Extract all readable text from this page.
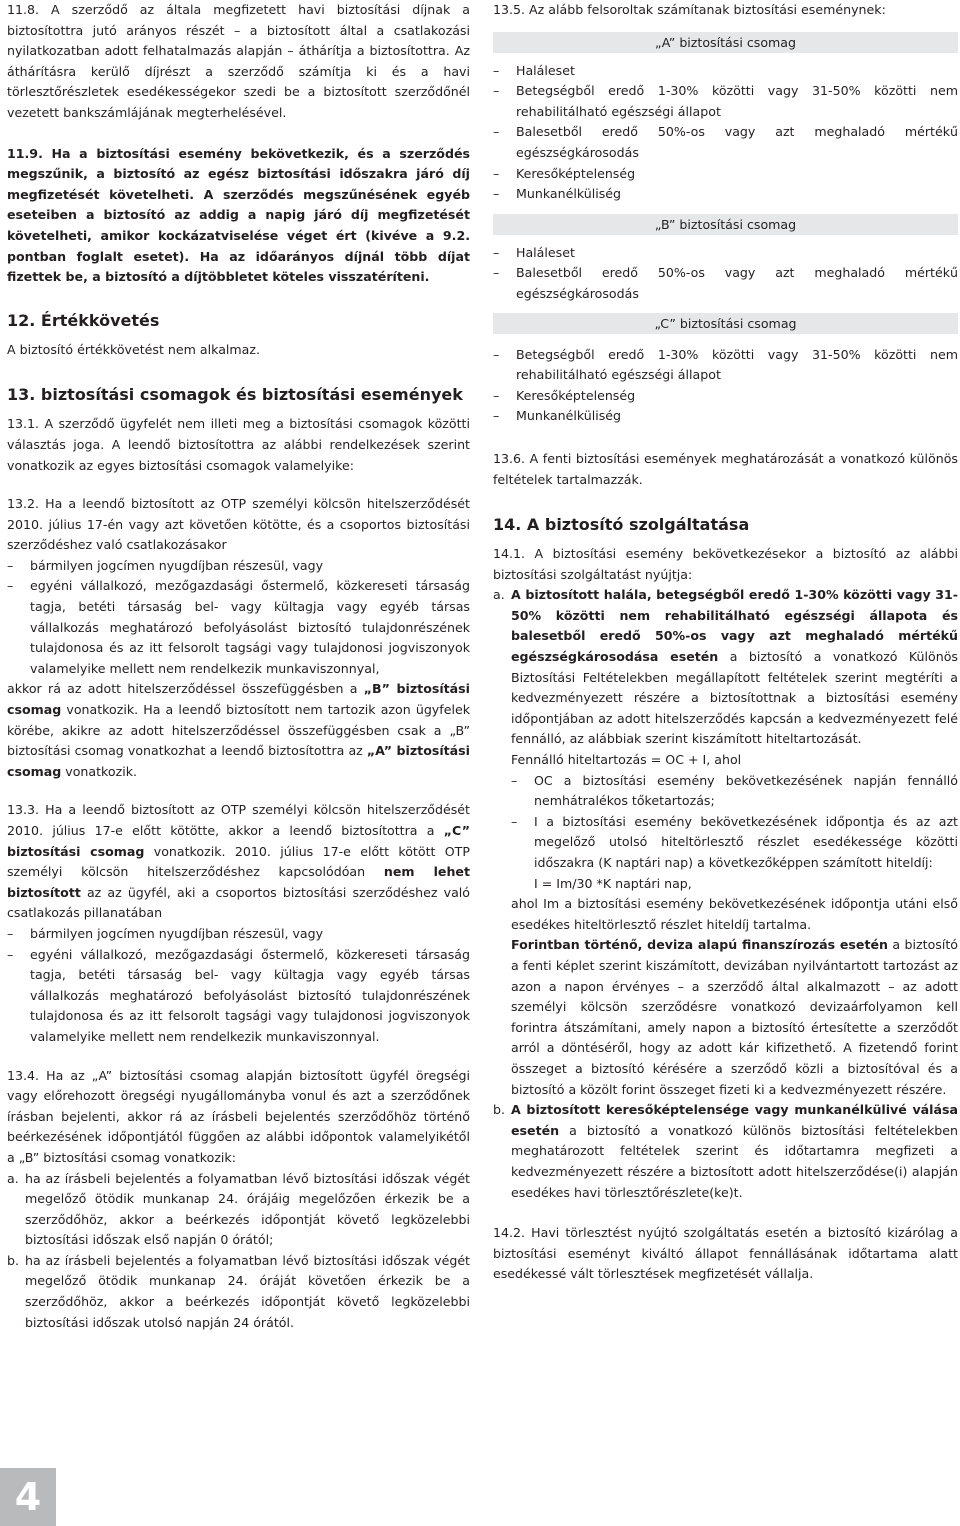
11.8. A szerződő az általa megfizetett havi biztosítási díjnak a biztosítottra jutó arányos részét – a biztosított által a csatlakozási nyilatkozatban adott felhatalmazás alapján – áthárítja a biztosítottra. Az áthárításra kerülő díjrészt a szerződő számítja ki és a havi törlesztőrészletek esedékességekor szedi be a biztosított szerződőnél vezetett bankszámlájának megterhelésével.

11.9. Ha a biztosítási esemény bekövetkezik, és a szerződés megszűnik, a biztosító az egész biztosítási időszakra járó díj megfizetését követelheti. A szerződés megszűnésének egyéb eseteiben a biztosító az addig a napig járó díj megfizetését követelheti, amikor kockázatviselése véget ért (kivéve a 9.2. pontban foglalt esetet). Ha az időarányos díjnál több díjat fizettek be, a biztosító a díjtöbbletet köteles visszatéríteni.

12. Értékkövetés

A biztosító értékkövetést nem alkalmaz.

13. biztosítási csomagok és biztosítási események

13.1. A szerződő ügyfelét nem illeti meg a biztosítási csomagok közötti választás joga. A leendő biztosítottra az alábbi rendelkezések szerint vonatkozik az egyes biztosítási csomagok valamelyike:

13.2. Ha a leendő biztosított az OTP személyi kölcsön hitelszerződését 2010. július 17-én vagy azt követően kötötte, és a csoportos biztosítási szerződéshez való csatlakozásakor

– bármilyen jogcímen nyugdíjban részesül, vagy

– egyéni vállalkozó, mezőgazdasági őstermelő, közkereseti társaság tagja, betéti társaság bel- vagy kültagja vagy egyéb társas vállalkozás meghatározó befolyásolást biztosító tulajdonrészének tulajdonosa és az itt felsorolt tagsági vagy tulajdonosi jogviszonyok valamelyike mellett nem rendelkezik munkaviszonnyal,

akkor rá az adott hitelszerződéssel összefüggésben a „B” biztosítási csomag vonatkozik. Ha a leendő biztosított nem tartozik azon ügyfelek körébe, akikre az adott hitelszerződéssel összefüggésben csak a „B” biztosítási csomag vonatkozhat a leendő biztosítottra az „A” biztosítási csomag vonatkozik.

13.3. Ha a leendő biztosított az OTP személyi kölcsön hitelszerződését 2010. július 17-e előtt kötötte, akkor a leendő biztosítottra a „C” biztosítási csomag vonatkozik. 2010. július 17-e előtt kötött OTP személyi kölcsön hitelszerződéshez kapcsolódóan nem lehet biztosított az az ügyfél, aki a csoportos biztosítási szerződéshez való csatlakozás pillanatában

– bármilyen jogcímen nyugdíjban részesül, vagy

– egyéni vállalkozó, mezőgazdasági őstermelő, közkereseti társaság tagja, betéti társaság bel- vagy kültagja vagy egyéb társas vállalkozás meghatározó befolyásolást biztosító tulajdonrészének tulajdonosa és az itt felsorolt tagsági vagy tulajdonosi jogviszonyok valamelyike mellett nem rendelkezik munkaviszonnyal.

13.4. Ha az „A” biztosítási csomag alapján biztosított ügyfél öregségi vagy előrehozott öregségi nyugállományba vonul és azt a szerződőnek írásban bejelenti, akkor rá az írásbeli bejelentés szerződőhöz történő beérkezésének időpontjától függően az alábbi időpontok valamelyikétől a „B” biztosítási csomag vonatkozik:

a. ha az írásbeli bejelentés a folyamatban lévő biztosítási időszak végét megelőző ötödik munkanap 24. órájáig megelőzően érkezik be a szerződőhöz, akkor a beérkezés időpontját követő legközelebbi biztosítási időszak első napján 0 órától;

b. ha az írásbeli bejelentés a folyamatban lévő biztosítási időszak végét megelőző ötödik munkanap 24. óráját követően érkezik be a szerződőhöz, akkor a beérkezés időpontját követő legközelebbi biztosítási időszak utolsó napján 24 órától.

13.5. Az alább felsoroltak számítanak biztosítási eseménynek:

„A” biztosítási csomag

– Haláleset

– Betegségből eredő 1-30% közötti vagy 31-50% közötti nem rehabilitálható egészségi állapot

– Balesetből eredő 50%-os vagy azt meghaladó mértékű egészségkárosodás

– Keresőképtelenség

– Munkanélküliség

„B” biztosítási csomag

– Haláleset

– Balesetből eredő 50%-os vagy azt meghaladó mértékű egészségkárosodás

„C” biztosítási csomag

– Betegségből eredő 1-30% közötti vagy 31-50% közötti nem rehabilitálható egészségi állapot

– Keresőképtelenség

– Munkanélküliség

13.6. A fenti biztosítási események meghatározását a vonatkozó különös feltételek tartalmazzák.

14. A biztosító szolgáltatása

14.1. A biztosítási esemény bekövetkezésekor a biztosító az alábbi biztosítási szolgáltatást nyújtja:

a. A biztosított halála, betegségből eredő 1-30% közötti vagy 31-50% közötti nem rehabilitálható egészségi állapota és balesetből eredő 50%-os vagy azt meghaladó mértékű egészségkárosodása esetén a biztosító a vonatkozó Különös Biztosítási Feltételekben megállapított feltételek szerint megtéríti a kedvezményezett részére a biztosítottnak a biztosítási esemény időpontjában az adott hitelszerződés kapcsán a kedvezményezett felé fennálló, az alábbiak szerint kiszámított hiteltartozását.

Fennálló hiteltartozás = OC + I, ahol

– OC a biztosítási esemény bekövetkezésének napján fennálló nemhátralékos tőketartozás;

– I a biztosítási esemény bekövetkezésének időpontja és az azt megelőző utolsó hiteltörlesztő részlet esedékessége közötti időszakra (K naptári nap) a következőképpen számított hiteldíj:

I = Im/30 *K naptári nap,

ahol Im a biztosítási esemény bekövetkezésének időpontja utáni első esedékes hiteltörlesztő részlet hiteldíj tartalma.

Forintban történő, deviza alapú finanszírozás esetén a biztosító a fenti képlet szerint kiszámított, devizában nyilvántartott tartozást az azon a napon érvényes – a szerződő által alkalmazott – az adott személyi kölcsön szerződésre vonatkozó devizaárfolyamon kell forintra átszámítani, amely napon a biztosító értesítette a szerződőt arról a döntéséről, hogy az adott kár kifizethető. A fizetendő forint összeget a biztosító kérésére a szerződő közli a biztosítóval és a biztosító a közölt forint összeget fizeti ki a kedvezményezett részére.

b. A biztosított keresőképtelensége vagy munkanélkülivé válása esetén a biztosító a vonatkozó különös biztosítási feltételekben meghatározott feltételek szerint és időtartamra megfizeti a kedvezményezett részére a biztosított adott hitelszerződése(i) alapján esedékes havi törlesztőrészlete(ke)t.

14.2. Havi törlesztést nyújtó szolgáltatás esetén a biztosító kizárólag a biztosítási eseményt kiváltó állapot fennállásának időtartama alatt esedékessé vált törlesztések megfizetését vállalja.

4
